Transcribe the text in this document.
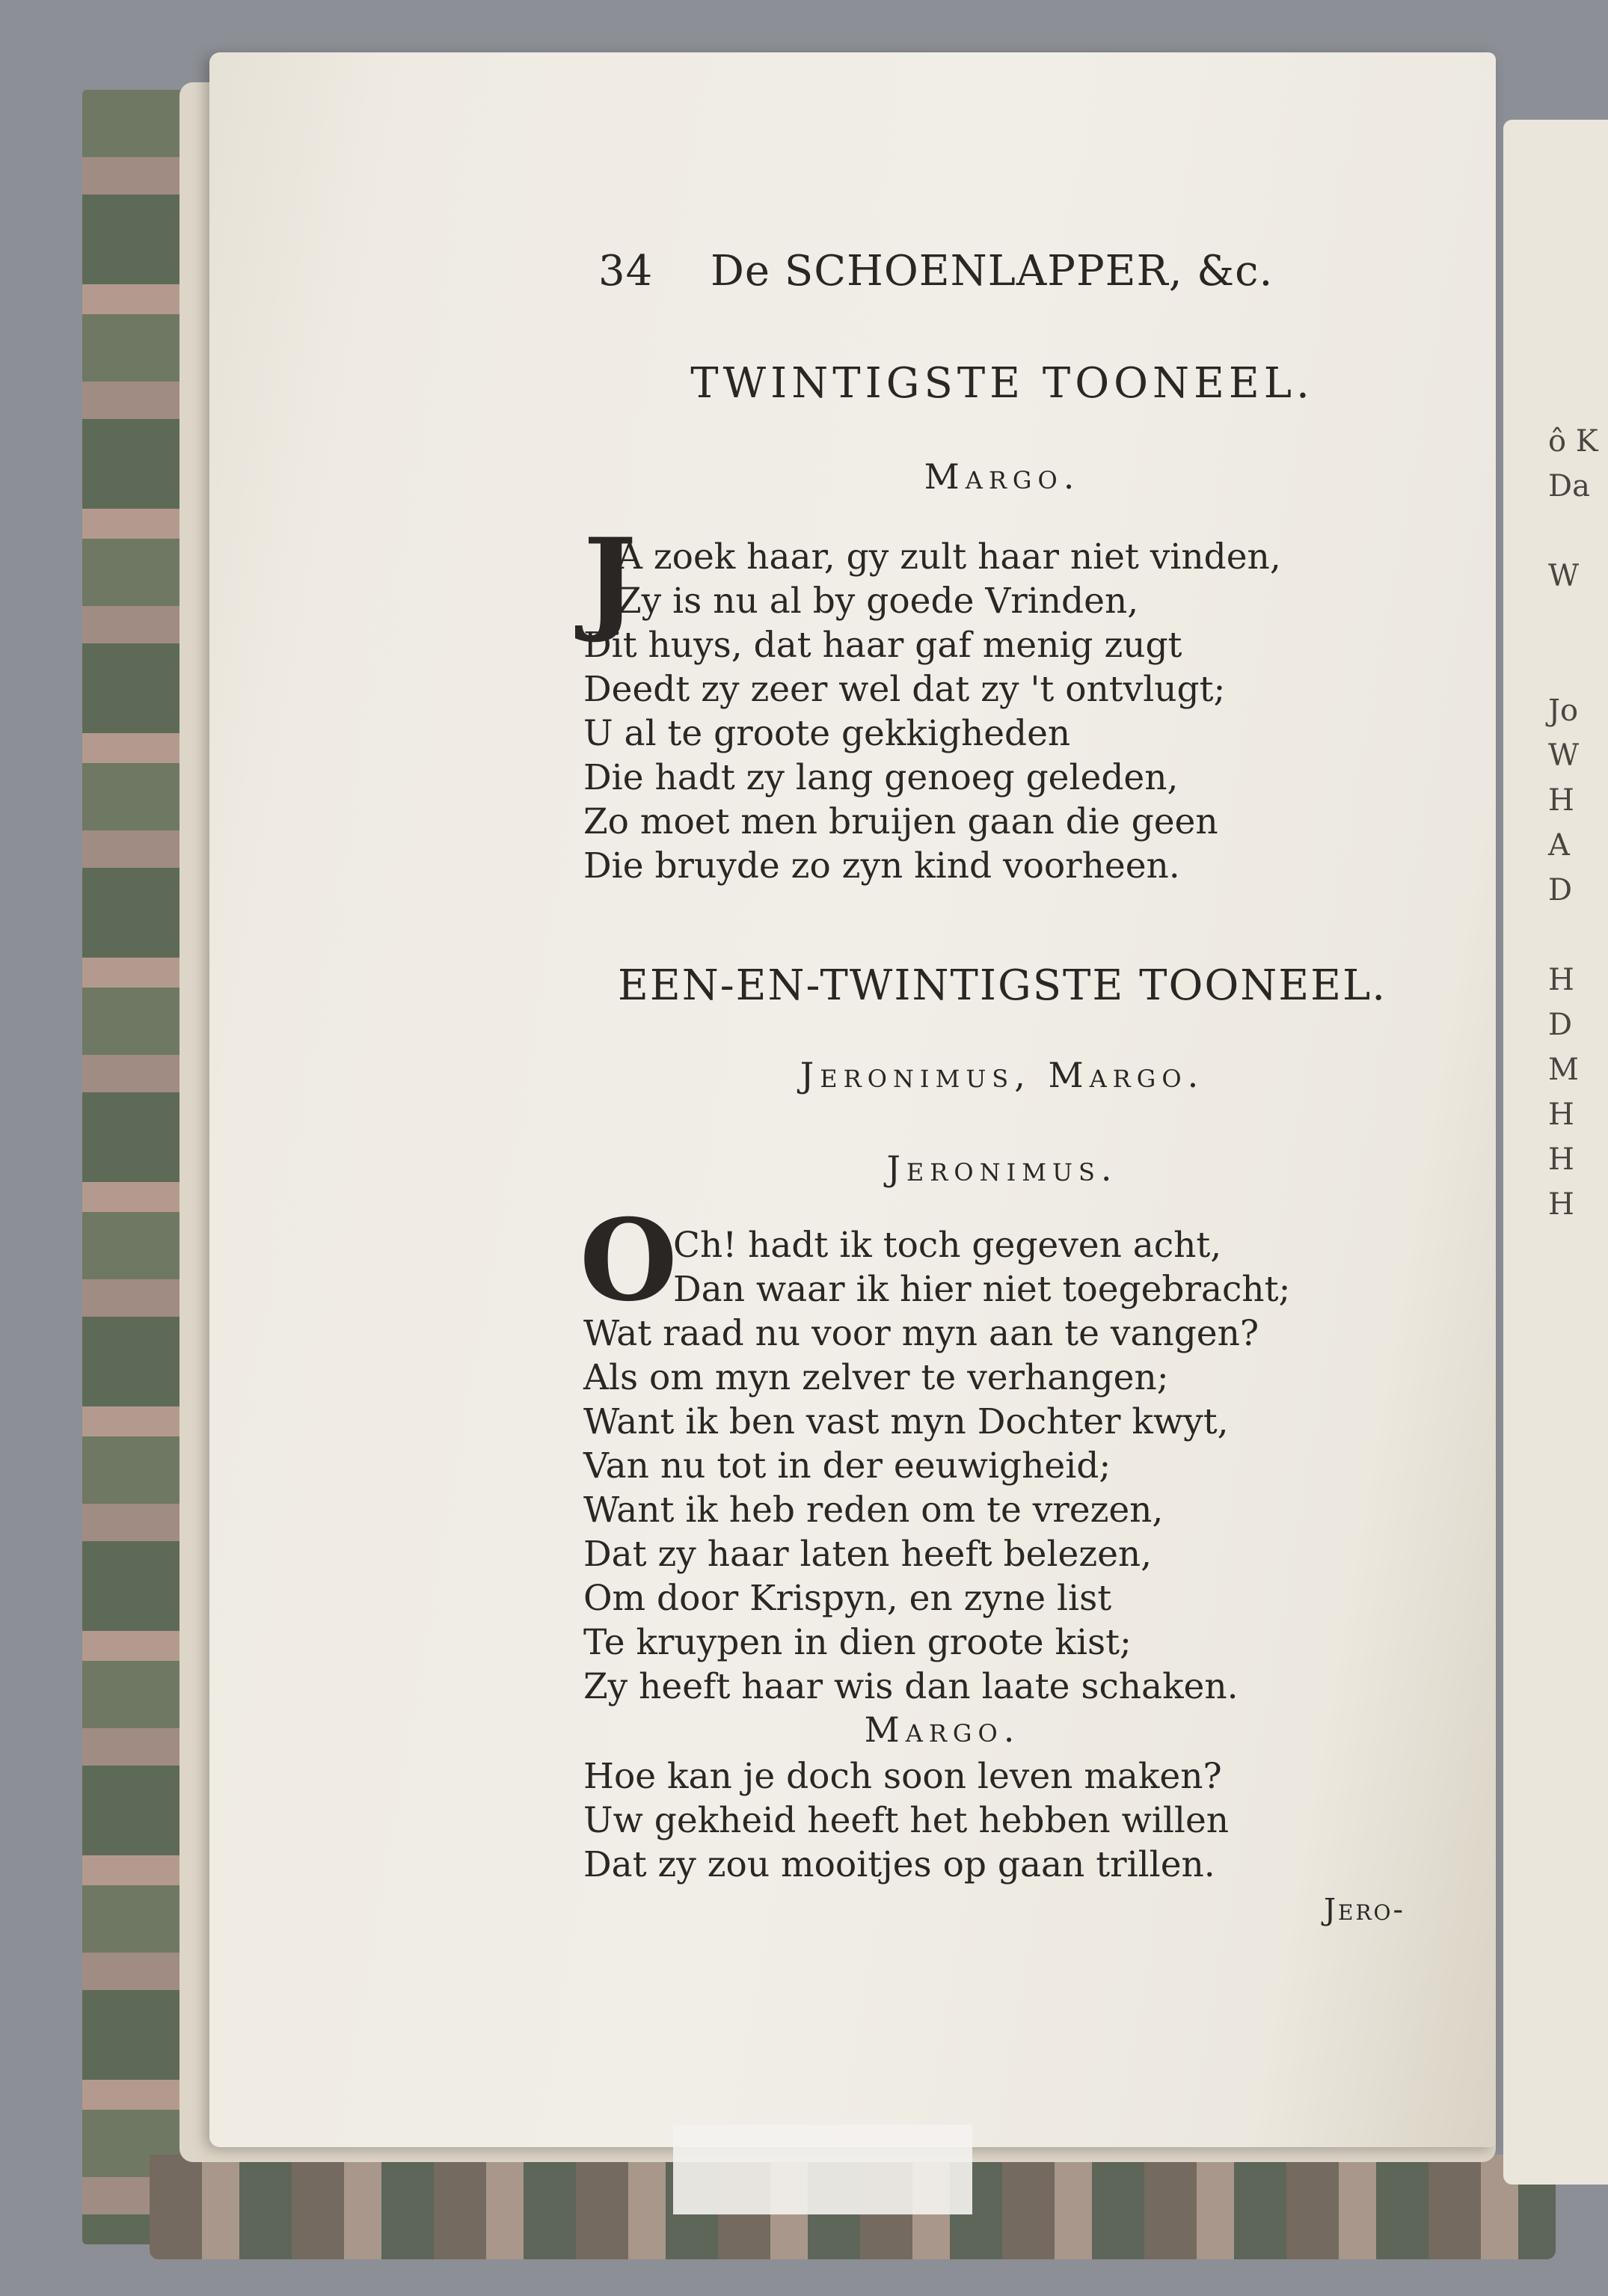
ô K
Da

W

Jo
W
H
A
D

H
D
M
H
H
H
34 De SCHOENLAPPER, &c.
TWINTIGSTE TOONEEL.
Margo.
J
A zoek haar, gy zult haar niet vinden,
Zy is nu al by goede Vrinden,
Dit huys, dat haar gaf menig zugt
Deedt zy zeer wel dat zy 't ontvlugt;
U al te groote gekkigheden
Die hadt zy lang genoeg geleden,
Zo moet men bruijen gaan die geen
Die bruyde zo zyn kind voorheen.
EEN-EN-TWINTIGSTE TOONEEL.
Jeronimus, Margo.
Jeronimus.
O
Ch! hadt ik toch gegeven acht,
Dan waar ik hier niet toegebracht;
Wat raad nu voor myn aan te vangen?
Als om myn zelver te verhangen;
Want ik ben vast myn Dochter kwyt,
Van nu tot in der eeuwigheid;
Want ik heb reden om te vrezen,
Dat zy haar laten heeft belezen,
Om door Krispyn, en zyne list
Te kruypen in dien groote kist;
Zy heeft haar wis dan laate schaken.
Margo.
Hoe kan je doch soon leven maken?
Uw gekheid heeft het hebben willen
Dat zy zou mooitjes op gaan trillen.
Jero-
